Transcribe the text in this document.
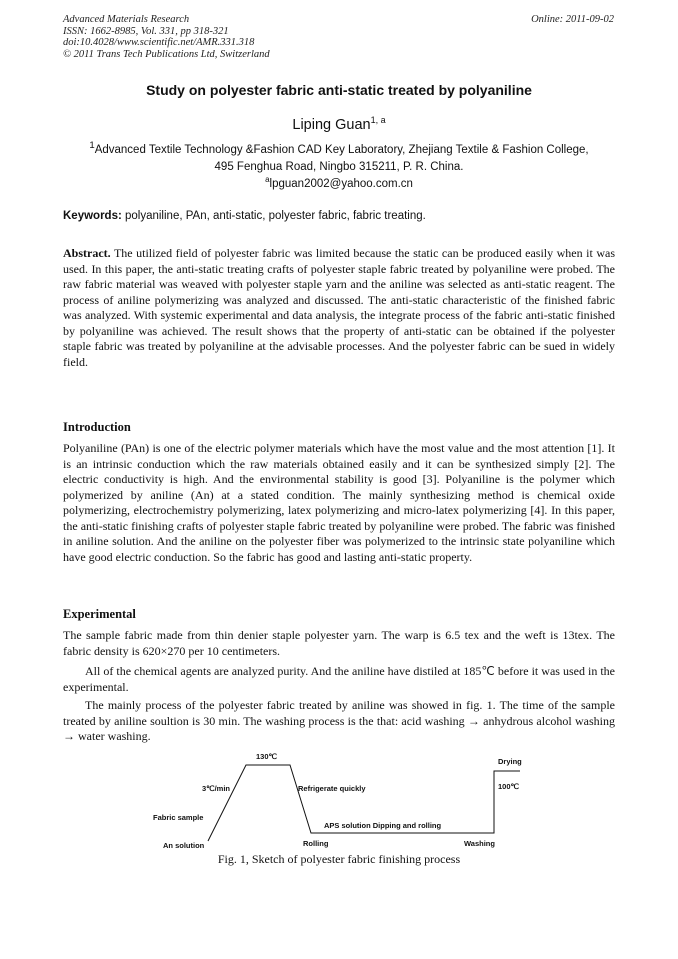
Advanced Materials Research
ISSN: 1662-8985, Vol. 331, pp 318-321
doi:10.4028/www.scientific.net/AMR.331.318
© 2011 Trans Tech Publications Ltd, Switzerland
Online: 2011-09-02
Study on polyester fabric anti-static treated by polyaniline
Liping Guan$^{1, a}$
$^1$Advanced Textile Technology &Fashion CAD Key Laboratory, Zhejiang Textile & Fashion College,
495 Fenghua Road, Ningbo 315211, P. R. China.
$^a$lpguan2002@yahoo.com.cn
Keywords: polyaniline, PAn, anti-static, polyester fabric, fabric treating.

Abstract. The utilized field of polyester fabric was limited because the static can be produced easily when it was used. In this paper, the anti-static treating crafts of polyester staple fabric treated by polyaniline were probed. The raw fabric material was weaved with polyester staple yarn and the aniline was selected as anti-static reagent. The process of aniline polymerizing was analyzed and discussed. The anti-static characteristic of the finished fabric was analyzed. With systemic experimental and data analysis, the integrate process of the fabric anti-static finished by polyaniline was achieved. The result shows that the property of anti-static can be obtained if the polyester staple fabric was treated by polyaniline at the advisable processes. And the polyester fabric can be sued in widely field.

Introduction

Polyaniline (PAn) is one of the electric polymer materials which have the most value and the most attention [1]. It is an intrinsic conduction which the raw materials obtained easily and it can be synthesized simply [2]. The electric conductivity is high. And the environmental stability is good [3]. Polyaniline is the polymer which polymerized by aniline (An) at a stated condition. The mainly synthesizing method is chemical oxide polymerizing, electrochemistry polymerizing, latex polymerizing and micro-latex polymerizing [4]. In this paper, the anti-static finishing crafts of polyester staple fabric treated by polyaniline were probed. The fabric was finished in aniline solution. And the aniline on the polyester fiber was polymerized to the intrinsic state polyaniline which have good electric conduction. So the fabric has good and lasting anti-static property.

Experimental

The sample fabric made from thin denier staple polyester yarn. The warp is 6.5 tex and the weft is 13tex. The fabric density is 620×270 per 10 centimeters.

All of the chemical agents are analyzed purity. And the aniline have distiled at 185℃ before it was used in the experimental.

The mainly process of the polyester fabric treated by aniline was showed in fig. 1. The time of the sample treated by aniline soultion is 30 min. The washing process is the that: acid washing → anhydrous alcohol washing → water washing.

130℃
3℃/min
Fabric sample
An solution
Refrigerate quickly
APS solution Dipping and rolling
Rolling	Washing
Drying
100℃
Fig. 1, Sketch of polyester fabric finishing process
